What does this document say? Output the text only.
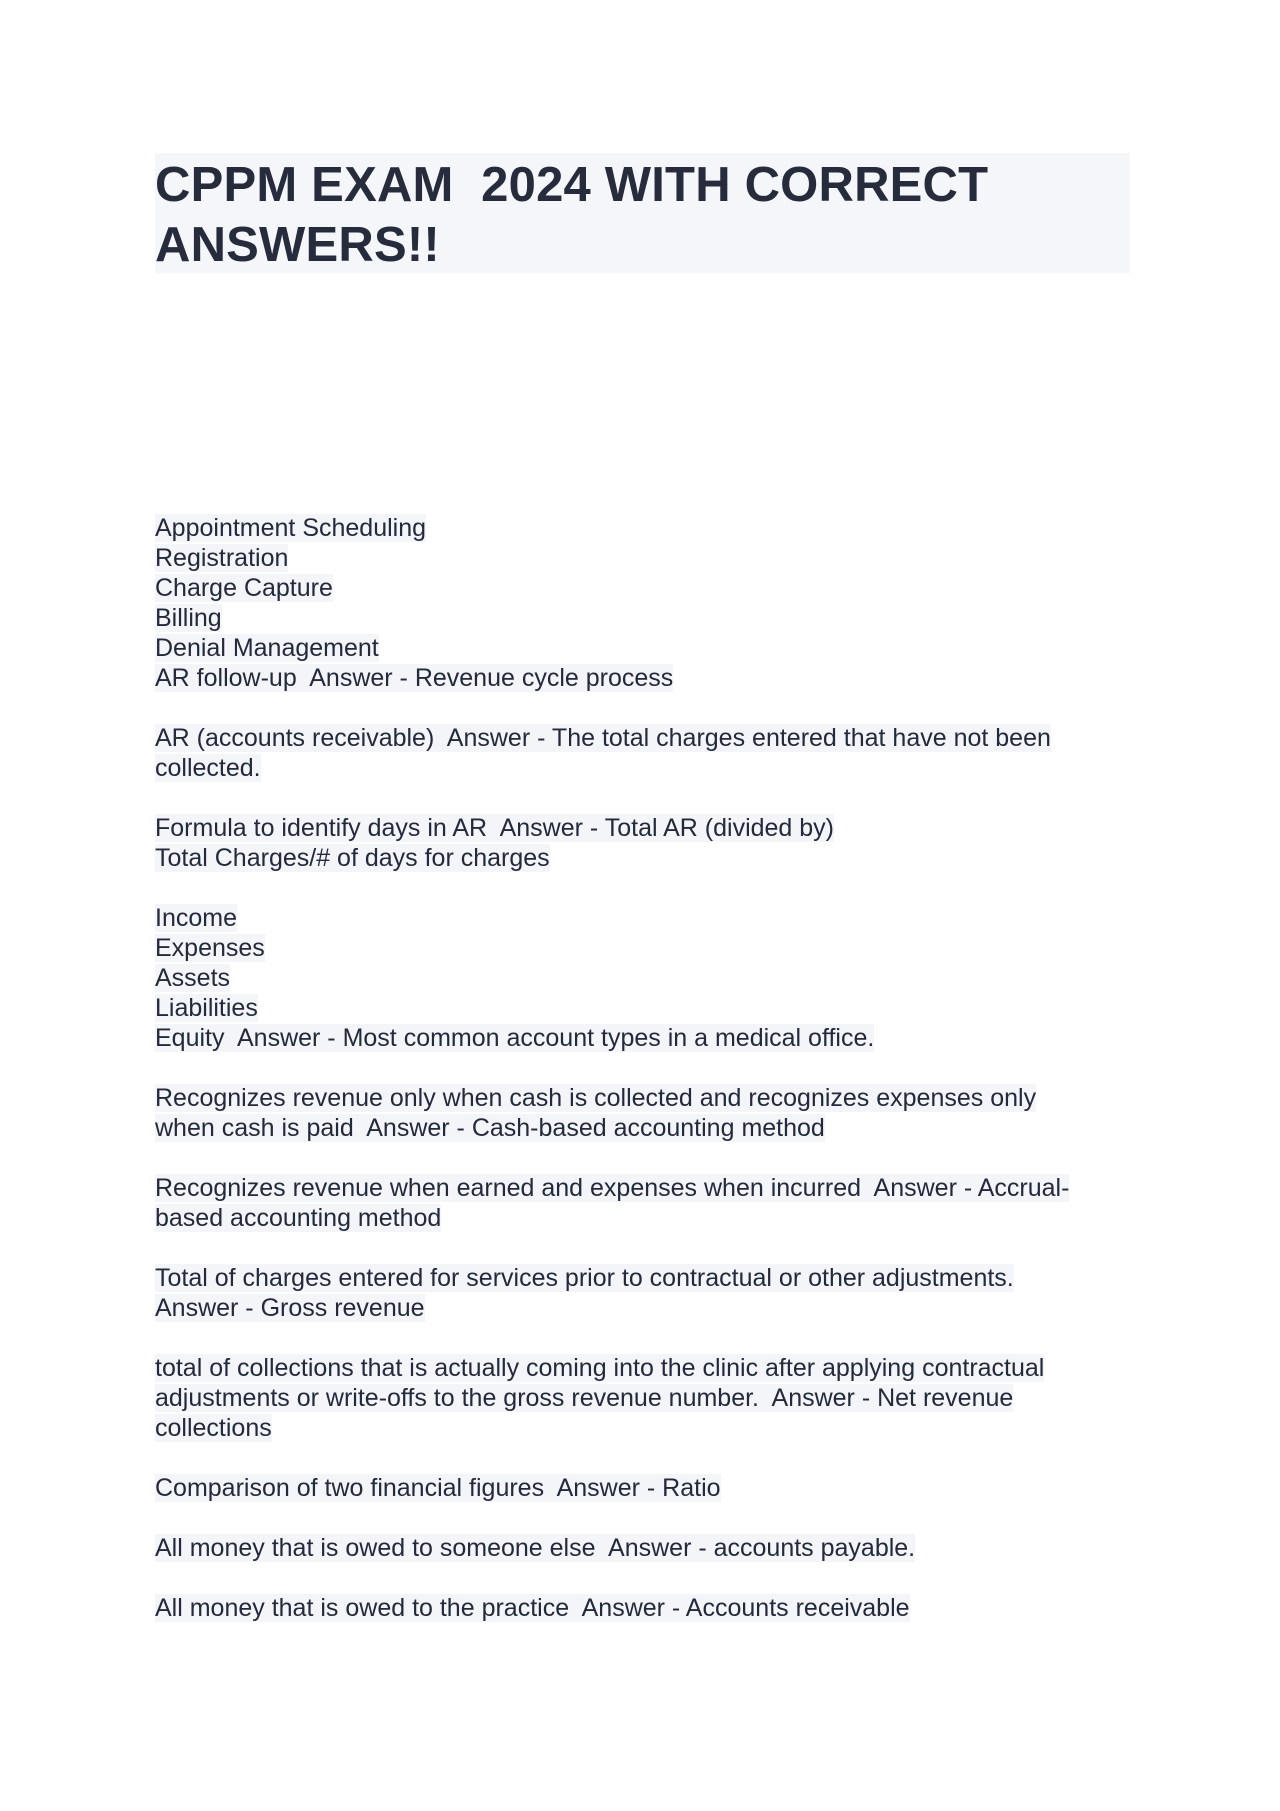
CPPM EXAM  2024 WITH CORRECT ANSWERS!!
Appointment Scheduling
Registration
Charge Capture
Billing
Denial Management
AR follow-up  Answer - Revenue cycle process
AR (accounts receivable)  Answer - The total charges entered that have not been
collected.
Formula to identify days in AR  Answer - Total AR (divided by)
Total Charges/# of days for charges
Income
Expenses
Assets
Liabilities
Equity  Answer - Most common account types in a medical office.
Recognizes revenue only when cash is collected and recognizes expenses only
when cash is paid  Answer - Cash-based accounting method
Recognizes revenue when earned and expenses when incurred  Answer - Accrual-
based accounting method
Total of charges entered for services prior to contractual or other adjustments.
Answer - Gross revenue
total of collections that is actually coming into the clinic after applying contractual
adjustments or write-offs to the gross revenue number.  Answer - Net revenue
collections
Comparison of two financial figures  Answer - Ratio
All money that is owed to someone else  Answer - accounts payable.
All money that is owed to the practice  Answer - Accounts receivable
